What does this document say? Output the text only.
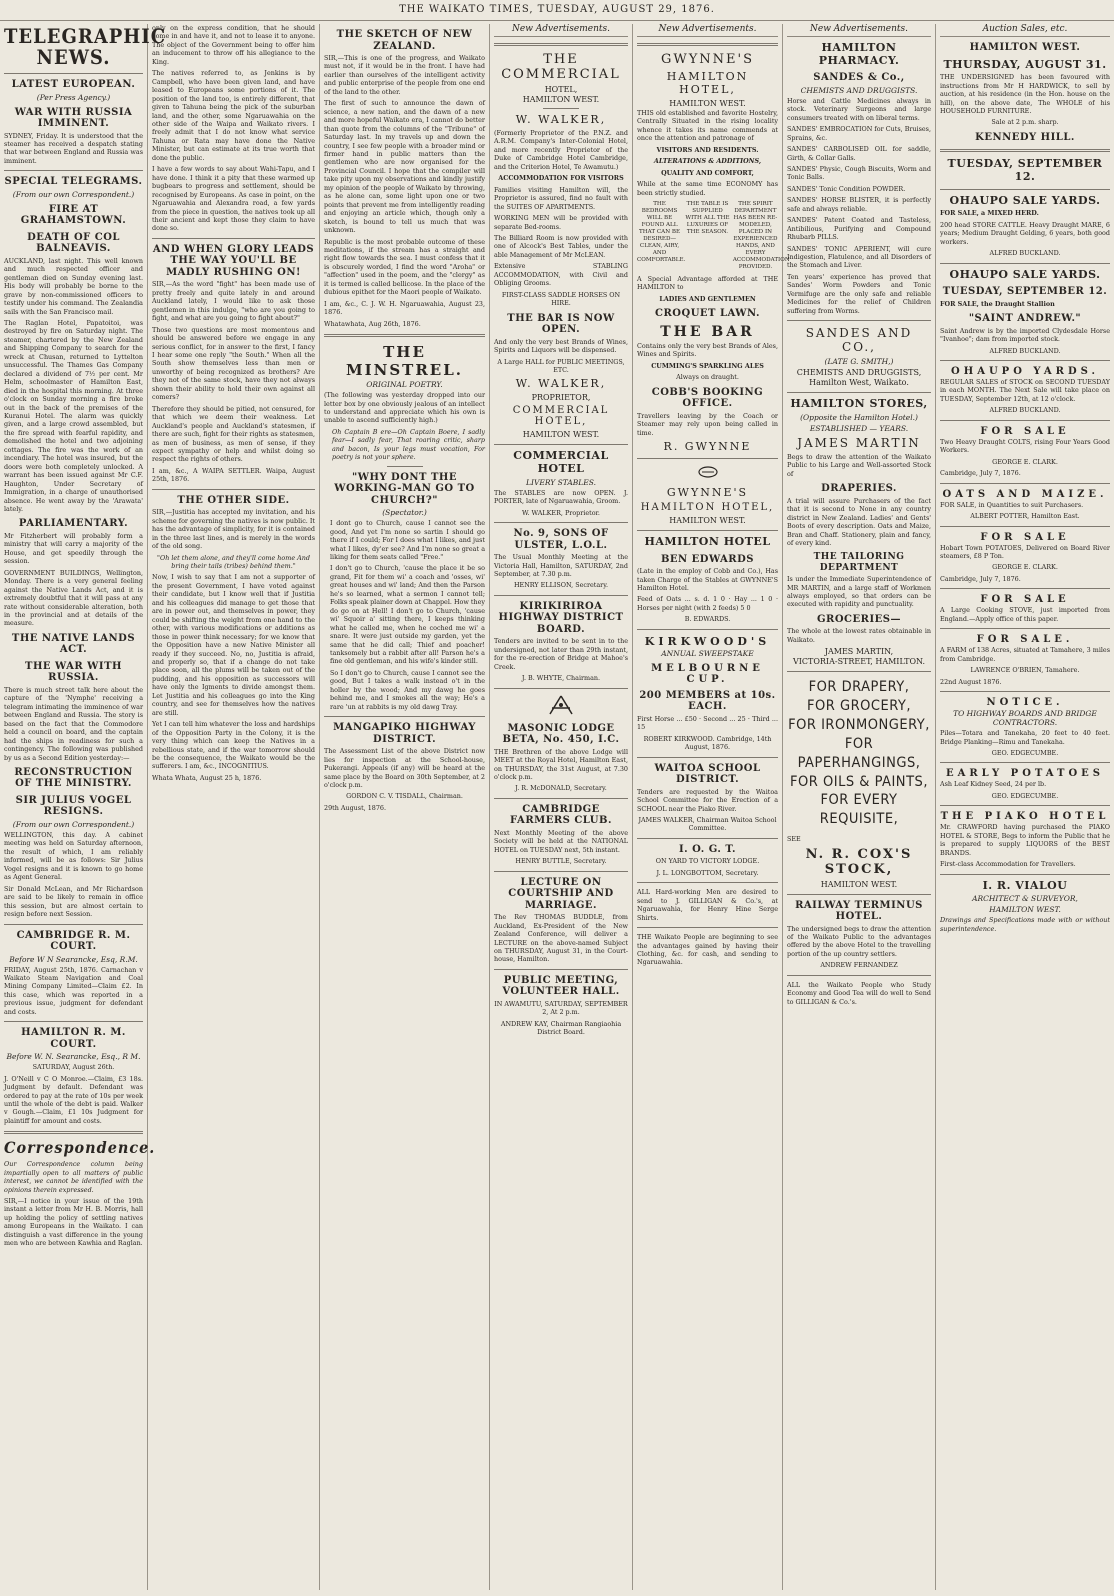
THE WAIKATO TIMES, TUESDAY, AUGUST 29, 1876.
TELEGRAPHIC NEWS.
LATEST EUROPEAN.
(Per Press Agency.)
WAR WITH RUSSIA IMMINENT.
SYDNEY, Friday. It is understood that the steamer has received a despatch stating that war between England and Russia was imminent.
SPECIAL TELEGRAMS.
(From our own Correspondent.)
FIRE AT GRAHAMSTOWN.
DEATH OF COL BALNEAVIS.
AUCKLAND, last night. This well known and much respected officer and gentleman died on Sunday evening last. His body will probably be borne to the grave by non-commissioned officers to testify under his command. The Zealandia sails with the San Francisco mail.
The Raglan Hotel, Papatoitoi, was destroyed by fire on Saturday night. The steamer, chartered by the New Zealand and Shipping Company to search for the wreck at Chusan, returned to Lyttelton unsuccessful. The Thames Gas Company declared a dividend of 7½ per cent. Mr Helm, schoolmaster of Hamilton East, died in the hospital this morning. At three o'clock on Sunday morning a fire broke out in the back of the premises of the Kuranui Hotel. The alarm was quickly given, and a large crowd assembled, but the fire spread with fearful rapidity, and demolished the hotel and two adjoining cottages. The fire was the work of an incendiary. The hotel was insured, but the doors were both completely unlocked. A warrant has been issued against Mr C.F. Haughton, Under Secretary of Immigration, in a charge of unauthorised absence. He went away by the 'Arawata' lately.
PARLIAMENTARY.
Mr Fitzherbert will probably form a ministry that will carry a majority of the House, and get speedily through the session.
GOVERNMENT BUILDINGS, Wellington, Monday. There is a very general feeling against the Native Lands Act, and it is extremely doubtful that it will pass at any rate without considerable alteration, both in the provincial and at details of the measure.
THE NATIVE LANDS ACT.
THE WAR WITH RUSSIA.
There is much street talk here about the capture of the 'Nymphe' receiving a telegram intimating the imminence of war between England and Russia. The story is based on the fact that the Commodore held a council on board, and the captain had the ships in readiness for such a contingency. The following was published by us as a Second Edition yesterday:—
RECONSTRUCTION OF THE MINISTRY.
SIR JULIUS VOGEL RESIGNS.
(From our own Correspondent.)
WELLINGTON, this day. A cabinet meeting was held on Saturday afternoon, the result of which, I am reliably informed, will be as follows: Sir Julius Vogel resigns and it is known to go home as Agent General.
Sir Donald McLean, and Mr Richardson are said to be likely to remain in office this session, but are almost certain to resign before next Session.
CAMBRIDGE R. M. COURT.
Before W N Searancke, Esq, R.M.
FRIDAY, August 25th, 1876. Carnachan v Waikato Steam Navigation and Coal Mining Company Limited—Claim £2. In this case, which was reported in a previous issue, judgment for defendant and costs.
HAMILTON R. M. COURT.
Before W. N. Searancke, Esq., R M.
SATURDAY, August 26th.
J. O'Neill v C O Monroe.—Claim, £3 18s. Judgment by default. Defendant was ordered to pay at the rate of 10s per week until the whole of the debt is paid. Walker v Gough.—Claim, £1 10s Judgment for plaintiff for amount and costs.
Correspondence.
Our Correspondence column being impartially open to all matters of public interest, we cannot be identified with the opinions therein expressed.
SIR,—I notice in your issue of the 19th instant a letter from Mr H. B. Morris, hall up holding the policy of settling natives among Europeans in the Waikato. I can distinguish a vast difference in the young men who are between Kawhia and Raglan.
only on the express condition, that he should come in and have it, and not to lease it to anyone. The object of the Government being to offer him an inducement to throw off his allegiance to the King.
The natives referred to, as Jenkins is by Campbell, who have been given land, and have leased to Europeans some portions of it. The position of the land too, is entirely different, that given to Tahuna being the pick of the suburban land, and the other, some Ngaruawahia on the other side of the Waipa and Waikato rivers. I freely admit that I do not know what service Tahuna or Rata may have done the Native Minister, but can estimate at its true worth that done the public.
I have a few words to say about Wahi-Tapu, and I have done. I think it a pity that these warmed up bugbears to progress and settlement, should be recognised by Europeans. As case in point, on the Ngaruawahia and Alexandra road, a few yards from the piece in question, the natives took up all their ancient and kept those they claim to have done so.
AND WHEN GLORY LEADS THE WAY YOU'LL BE MADLY RUSHING ON!
SIR,—As the word "fight" has been made use of pretty freely and quite lately in and around Auckland lately, I would like to ask those gentlemen in this indulge, "who are you going to fight, and what are you going to fight about?"
Those two questions are most momentous and should be answered before we engage in any serious conflict, for in answer to the first, I fancy I hear some one reply "the South." When all the South show themselves less than men or unworthy of being recognized as brothers? Are they not of the same stock, have they not always shown their ability to hold their own against all comers?
Therefore they should be pitied, not censured, for that which we deem their weakness. Let Auckland's people and Auckland's statesmen, if there are such, fight for their rights as statesmen, as men of business, as men of sense, if they expect sympathy or help and whilst doing so respect the rights of others.
I am, &c., A WAIPA SETTLER. Waipa, August 25th, 1876.
THE OTHER SIDE.
SIR,—Justitia has accepted my invitation, and his scheme for governing the natives is now public. It has the advantage of simplicity, for it is contained in the three last lines, and is merely in the words of the old song.
"Oh let them alone, and they'll come home And bring their tails (tribes) behind them."
Now, I wish to say that I am not a supporter of the present Government, I have voted against their candidate, but I know well that if Justitia and his colleagues did manage to get those that are in power out, and themselves in power, they could be shifting the weight from one hand to the other, with various modifications or additions as those in power think necessary; for we know that the Opposition have a new Native Minister all ready if they succeed. No, no, Justitia is afraid, and properly so, that if a change do not take place soon, all the plums will be taken out of the pudding, and his opposition as successors will have only the Igments to divide amongst them. Let Justitia and his colleagues go into the King country, and see for themselves how the natives are still.
Yet I can tell him whatever the loss and hardships of the Opposition Party in the Colony, it is the very thing which can keep the Natives in a rebellious state, and if the war tomorrow should be the consequence, the Waikato would be the sufferers. I am, &c., INCOGNITIUS.
Whata Whata, August 25 h, 1876.
THE SKETCH OF NEW ZEALAND.
SIR,—This is one of the progress, and Waikato must not, if it would be in the front. I have had earlier than ourselves of the intelligent activity and public enterprise of the people from one end of the land to the other.
The first of such to announce the dawn of science, a new nation, and the dawn of a new and more hopeful Waikato era, I cannot do better than quote from the columns of the "Tribune" of Saturday last. In my travels up and down the country, I see few people with a broader mind or firmer hand in public matters than the gentlemen who are now organised for the Provincial Council. I hope that the compiler will take pity upon my observations and kindly justify my opinion of the people of Waikato by throwing, as he alone can, some light upon one or two points that prevent me from intelligently reading and enjoying an article which, though only a sketch, is bound to tell us much that was unknown.
Republic is the most probable outcome of these meditations, if the stream has a straight and right flow towards the sea. I must confess that it is obscurely worded, I find the word "Aroha" or "affection" used in the poem, and the "clergy" as it is termed is called bellicose. In the place of the dubious epithet for the Maori people of Waikato.
I am, &c., C. J. W. H. Ngaruawahia, August 23, 1876.
Whatawhata, Aug 26th, 1876.
THE MINSTREL.
ORIGINAL POETRY.
(The following was yesterday dropped into our letter box by one obviously jealous of an intellect to understand and appreciate which his own is unable to ascend sufficiently high.)
Oh Captain B ere—Oh Captain Boere, I sadly fear—I sadly fear, That roaring critic, sharp and bacon, Is your legs must vocation, For poetry is not your sphere.
"WHY DONT THE WORKING-MAN GO TO CHURCH?"
(Spectator.)
I dont go to Church, cause I cannot see the good, And yet I'm none so sartin I should go there if I could; For I does what I likes, and just what I likes, dy'er see? And I'm none so great a liking for them seats called "Free."
I don't go to Church, 'cause the place it be so grand, Fit for them wi' a coach and 'osses, wi' great houses and wi' land; And then the Parson he's so learned, what a sermon I cannot tell; Folks speak plainer down at Chappel. How they do go on at Hell! I don't go to Church, 'cause wi' Squoir a' sitting there, I keeps thinking what he called me, when he coched me wi' a snare. It were just outside my garden, yet the same that he did call; Thief and poacher! tanksomely but a rabbit after all! Parson he's a fine old gentleman, and his wife's kinder still.
So I don't go to Church, cause I cannot see the good, But I takes a walk instead o't in the holler by the wood; And my dawg he goes behind me, and I smokes all the way; He's a rare 'un at rabbits is my old dawg Tray.
MANGAPIKO HIGHWAY DISTRICT.
The Assessment List of the above District now lies for inspection at the School-house, Pukerangi. Appeals (if any) will be heard at the same place by the Board on 30th September, at 2 o'clock p.m.
GORDON C. V. TISDALL, Chairman.
29th August, 1876.
New Advertisements.
THE COMMERCIAL
HOTEL,
HAMILTON WEST.
W. WALKER,
(Formerly Proprietor of the P.N.Z. and A.R.M. Company's Inter-Colonial Hotel, and more recently Proprietor of the Duke of Cambridge Hotel Cambridge, and the Criterion Hotel, Te Awamutu.)
ACCOMMODATION FOR VISITORS
Families visiting Hamilton will, the Proprietor is assured, find no fault with the SUITES OF APARTMENTS.
WORKING MEN will be provided with separate Bed-rooms.
The Billiard Room is now provided with one of Alcock's Best Tables, under the able Management of Mr McLEAN.
Extensive STABLING ACCOMMODATION, with Civil and Obliging Grooms.
FIRST-CLASS SADDLE HORSES ON HIRE.
THE BAR IS NOW OPEN.
And only the very best Brands of Wines, Spirits and Liquors will be dispensed.
A Large HALL for PUBLIC MEETINGS, ETC.
W. WALKER,
PROPRIETOR,
COMMERCIAL HOTEL,
HAMILTON WEST.
COMMERCIAL HOTEL
LIVERY STABLES.
The STABLES are now OPEN. J. PORTER, late of Ngaruawahia, Groom.
W. WALKER, Proprietor.
No. 9, SONS OF ULSTER, L.O.L.
The Usual Monthly Meeting at the Victoria Hall, Hamilton, SATURDAY, 2nd September, at 7.30 p.m.
HENRY ELLISON, Secretary.
KIRIKIRIROA HIGHWAY DISTRICT BOARD.
Tenders are invited to be sent in to the undersigned, not later than 29th instant, for the re-erection of Bridge at Mahoe's Creek.
J. B. WHYTE, Chairman.
MASONIC LODGE BETA, No. 450, I.C.
THE Brethren of the above Lodge will MEET at the Royal Hotel, Hamilton East, on THURSDAY, the 31st August, at 7.30 o'clock p.m.
J. R. McDONALD, Secretary.
CAMBRIDGE FARMERS CLUB.
Next Monthly Meeting of the above Society will be held at the NATIONAL HOTEL on TUESDAY next, 5th instant.
HENRY BUTTLE, Secretary.
LECTURE ON COURTSHIP AND MARRIAGE.
The Rev THOMAS BUDDLE, from Auckland, Ex-President of the New Zealand Conference, will deliver a LECTURE on the above-named Subject on THURSDAY, August 31, in the Court-house, Hamilton.
PUBLIC MEETING, VOLUNTEER HALL.
IN AWAMUTU, SATURDAY, SEPTEMBER 2, At 2 p.m.
ANDREW KAY, Chairman Rangiaohia District Board.
New Advertisements.
GWYNNE'S
HAMILTON HOTEL,
HAMILTON WEST.
THIS old established and favorite Hostelry, Centrally Situated in the rising locality whence it takes its name commends at once the attention and patronage of
VISITORS AND RESIDENTS.
ALTERATIONS & ADDITIONS,
QUALITY AND COMFORT,
While at the same time ECONOMY has been strictly studied.
THE BEDROOMS WILL BE FOUND ALL THAT CAN BE DESIRED—CLEAN, AIRY, AND COMFORTABLE.
THE TABLE IS SUPPLIED WITH ALL THE LUXURIES OF THE SEASON.
THE SPIRIT DEPARTMENT HAS BEEN RE-MODELED, PLACED IN EXPERIENCED HANDS, AND EVERY ACCOMMODATION PROVIDED.
A Special Advantage afforded at THE HAMILTON to
LADIES AND GENTLEMEN
CROQUET LAWN.
THE BAR
Contains only the very best Brands of Ales, Wines and Spirits.
CUMMING'S SPARKLING ALES
Always on draught.
COBB'S BOOKING OFFICE.
Travellers leaving by the Coach or Steamer may rely upon being called in time.
R. GWYNNE
GWYNNE'S
HAMILTON HOTEL,
HAMILTON WEST.
HAMILTON HOTEL
BEN EDWARDS
(Late in the employ of Cobb and Co.), Has taken Charge of the Stables at GWYNNE'S Hamilton Hotel.
Feed of Oats ... s. d. 1 0 · Hay ... 1 0 · Horses per night (with 2 feeds) 5 0
B. EDWARDS.
KIRKWOOD'S
ANNUAL SWEEPSTAKE
MELBOURNE CUP.
200 MEMBERS at 10s. EACH.
First Horse ... £50 · Second ... 25 · Third ... 15
ROBERT KIRKWOOD. Cambridge, 14th August, 1876.
WAITOA SCHOOL DISTRICT.
Tenders are requested by the Waitoa School Committee for the Erection of a SCHOOL near the Piako River.
JAMES WALKER, Chairman Waitoa School Committee.
I. O. G. T.
ON YARD TO VICTORY LODGE.
J. L. LONGBOTTOM, Secretary.
ALL Hard-working Men are desired to send to J. GILLIGAN & Co.'s, at Ngaruawahia, for Henry Hine Serge Shirts.
THE Waikato People are beginning to see the advantages gained by having their Clothing, &c. for cash, and sending to Ngaruawahia.
New Advertisements.
HAMILTON PHARMACY.
SANDES & Co.,
CHEMISTS AND DRUGGISTS.
Horse and Cattle Medicines always in stock. Veterinary Surgeons and large consumers treated with on liberal terms.
SANDES' EMBROCATION for Cuts, Bruises, Sprains, &c.
SANDES' CARBOLISED OIL for saddle, Girth, & Collar Galls.
SANDES' Physic, Cough Biscuits, Worm and Tonic Balls.
SANDES' Tonic Condition POWDER.
SANDES' HORSE BLISTER, it is perfectly safe and always reliable.
SANDES' Patent Coated and Tasteless, Antibilious, Purifying and Compound Rhubarb PILLS.
SANDES' TONIC APERIENT, will cure Indigestion, Flatulence, and all Disorders of the Stomach and Liver.
Ten years' experience has proved that Sandes' Worm Powders and Tonic Vermifuge are the only safe and reliable Medicines for the relief of Children suffering from Worms.
SANDES AND CO.,
(LATE G. SMITH,)
CHEMISTS AND DRUGGISTS,
Hamilton West, Waikato.
HAMILTON STORES,
(Opposite the Hamilton Hotel.)
ESTABLISHED — YEARS.
JAMES MARTIN
Begs to draw the attention of the Waikato Public to his Large and Well-assorted Stock of
DRAPERIES.
A trial will assure Purchasers of the fact that it is second to None in any country district in New Zealand. Ladies' and Gents' Boots of every description. Oats and Maize, Bran and Chaff. Stationery, plain and fancy, of every kind.
THE TAILORING DEPARTMENT
Is under the Immediate Superintendence of MR MARTIN, and a large staff of Workmen always employed, so that orders can be executed with rapidity and punctuality.
GROCERIES—
The whole at the lowest rates obtainable in Waikato.
JAMES MARTIN,
VICTORIA-STREET, HAMILTON.
FOR DRAPERY,
FOR GROCERY,
FOR IRONMONGERY,
FOR PAPERHANGINGS,
FOR OILS & PAINTS,
FOR EVERY REQUISITE,
SEE
N. R. COX'S STOCK,
HAMILTON WEST.
RAILWAY TERMINUS HOTEL.
The undersigned begs to draw the attention of the Waikato Public to the advantages offered by the above Hotel to the travelling portion of the up country settlers.
ANDREW FERNANDEZ
ALL the Waikato People who Study Economy and Good Tea will do well to Send to GILLIGAN & Co.'s.
Auction Sales, etc.
HAMILTON WEST.
THURSDAY, AUGUST 31.
THE UNDERSIGNED has been favoured with instructions from Mr H HARDWICK, to sell by auction, at his residence (in the Hon. house on the hill), on the above date, The WHOLE of his HOUSEHOLD FURNITURE.
Sale at 2 p.m. sharp.
KENNEDY HILL.
TUESDAY, SEPTEMBER 12.
OHAUPO SALE YARDS.
FOR SALE, a MIXED HERD.
200 head STORE CATTLE. Heavy Draught MARE, 6 years; Medium Draught Gelding, 6 years, both good workers.
ALFRED BUCKLAND.
OHAUPO SALE YARDS.
TUESDAY, SEPTEMBER 12.
FOR SALE, the Draught Stallion
"SAINT ANDREW."
Saint Andrew is by the imported Clydesdale Horse "Ivanhoe"; dam from imported stock.
ALFRED BUCKLAND.
OHAUPO YARDS.
REGULAR SALES of STOCK on SECOND TUESDAY in each MONTH. The Next Sale will take place on TUESDAY, September 12th, at 12 o'clock.
ALFRED BUCKLAND.
FOR SALE
Two Heavy Draught COLTS, rising Four Years Good Workers.
GEORGE E. CLARK.
Cambridge, July 7, 1876.
OATS AND MAIZE.
FOR SALE, in Quantities to suit Purchasers.
ALBERT POTTER, Hamilton East.
FOR SALE
Hobart Town POTATOES, Delivered on Board River steamers, £8 P Ton.
GEORGE E. CLARK.
Cambridge, July 7, 1876.
FOR SALE
A Large Cooking STOVE, just imported from England.—Apply office of this paper.
FOR SALE.
A FARM of 138 Acres, situated at Tamahere, 3 miles from Cambridge.
LAWRENCE O'BRIEN, Tamahere.
22nd August 1876.
NOTICE.
TO HIGHWAY BOARDS AND BRIDGE CONTRACTORS.
Piles—Totara and Tanekaha, 20 feet to 40 feet. Bridge Planking—Rimu and Tanekaha.
GEO. EDGECUMBE.
EARLY POTATOES
Ash Leaf Kidney Seed, 24 per lb.
GEO. EDGECUMBE.
THE PIAKO HOTEL
Mr. CRAWFORD having purchased the PIAKO HOTEL & STORE, Begs to inform the Public that he is prepared to supply LIQUORS of the BEST BRANDS.
First-class Accommodation for Travellers.
I. R. VIALOU
ARCHITECT & SURVEYOR,
HAMILTON WEST.
Drawings and Specifications made with or without superintendence.
